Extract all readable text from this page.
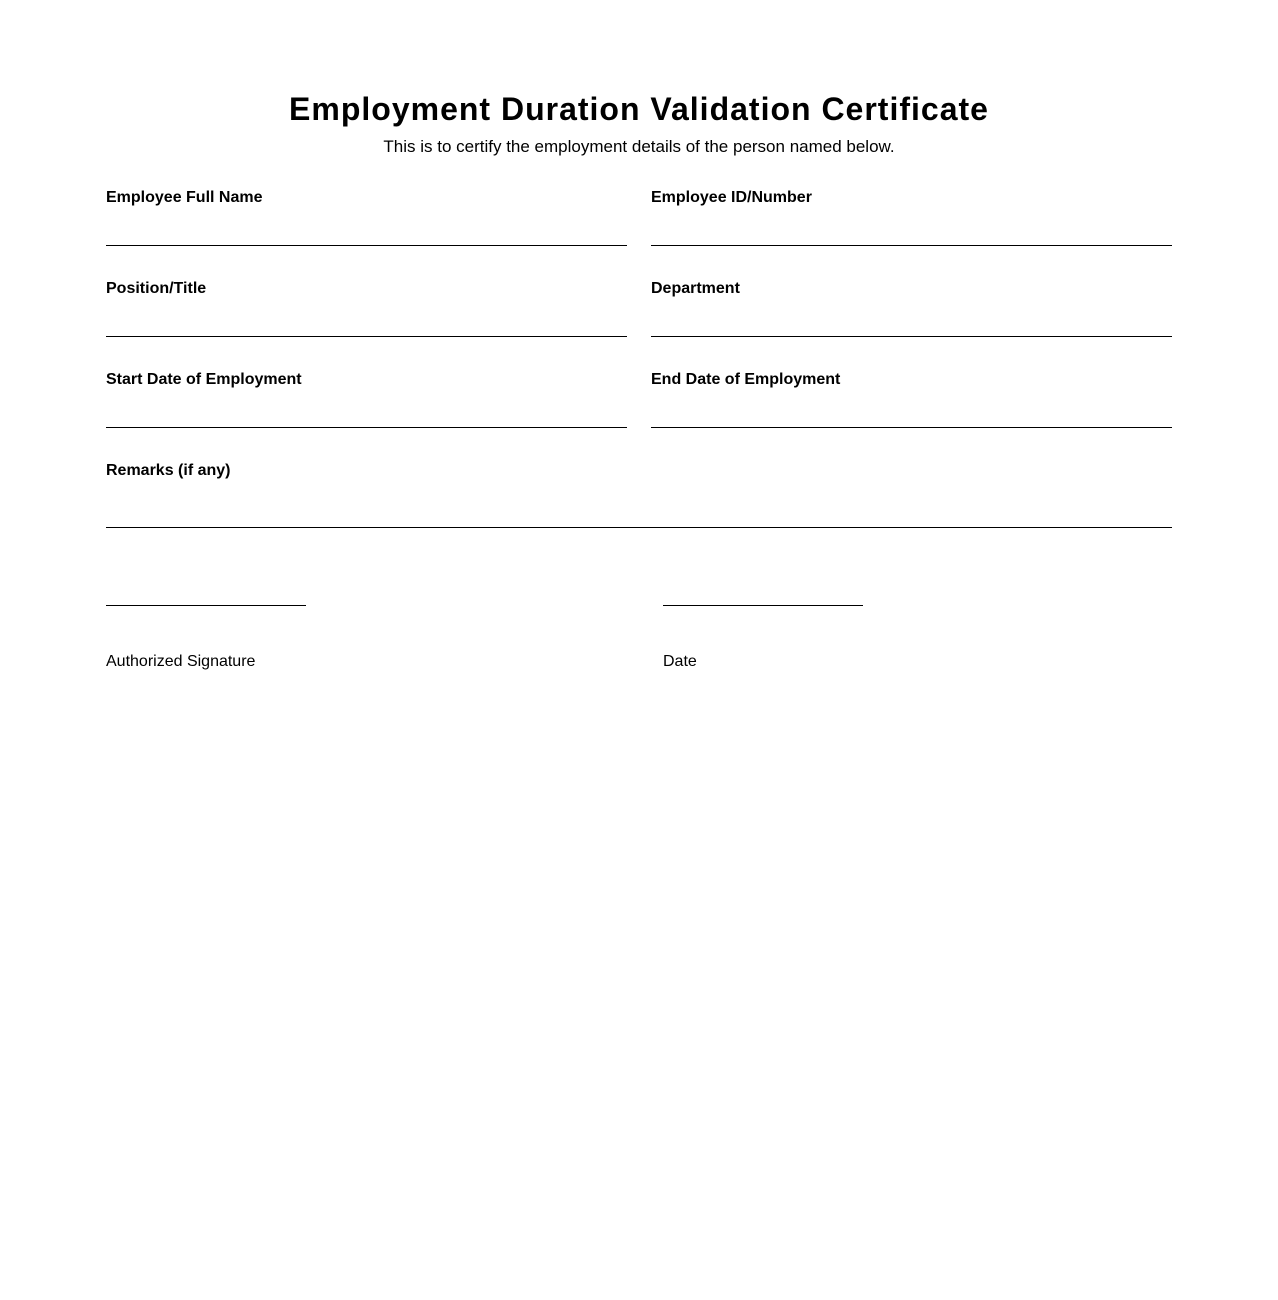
Employment Duration Validation Certificate

This is to certify the employment details of the person named below.

Employee Full Name	Employee ID/Number
Position/Title	Department
Start Date of Employment	End Date of Employment
Remarks (if any)
Authorized Signature	Date
